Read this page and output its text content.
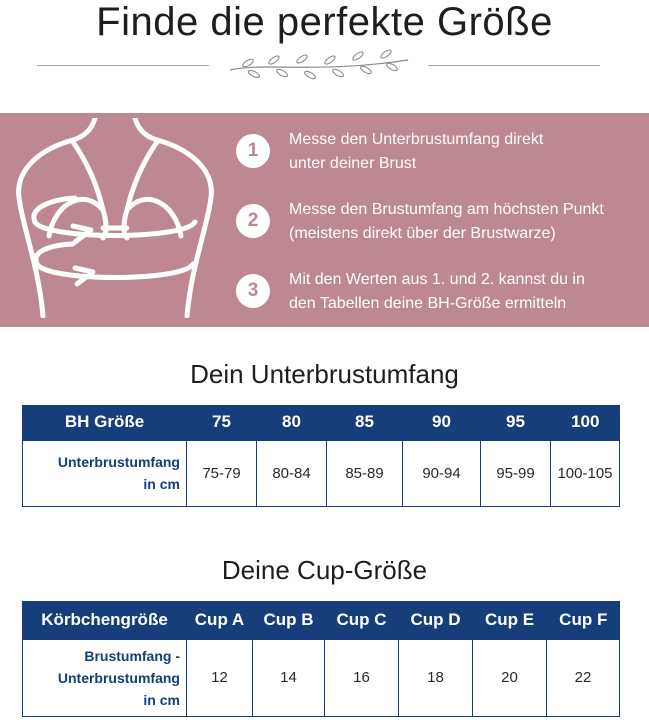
Finde die perfekte Größe
1
Messe den Unterbrustumfang direkt
unter deiner Brust
2
Messe den Brustumfang am höchsten Punkt
(meistens direkt über der Brustwarze)
3
Mit den Werten aus 1. und 2. kannst du in
den Tabellen deine BH-Größe ermitteln
Dein Unterbrustumfang
BH Größe	75	80	85	90	95	100

Unterbrustumfang
in cm	75-79	80-84	85-89	90-94	95-99	100-105
Deine Cup-Größe
Körbchengröße	Cup A	Cup B	Cup C	Cup D	Cup E	Cup F

Brustumfang -
Unterbrustumfang
in cm	12	14	16	18	20	22
